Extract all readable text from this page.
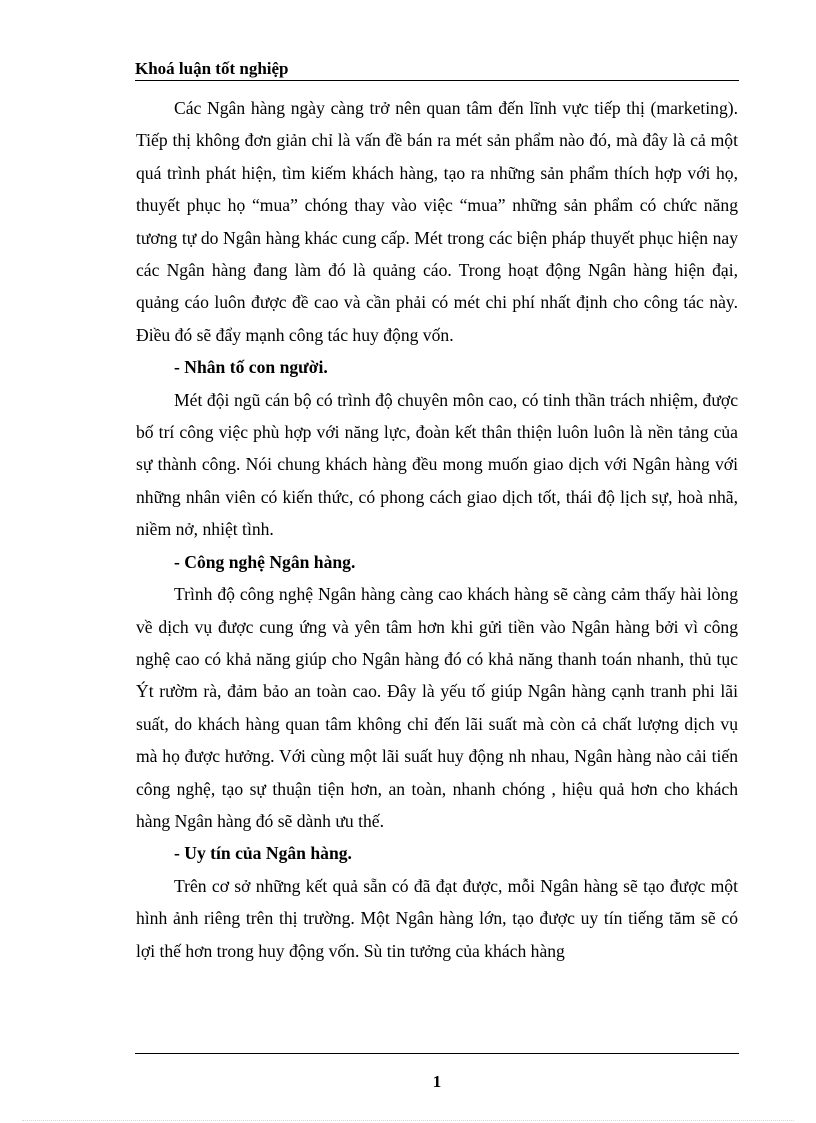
Khoá luận tốt nghiệp

Các Ngân hàng ngày càng trở nên quan tâm đến lĩnh vực tiếp thị (marketing). Tiếp thị không đơn giản chỉ là vấn đề bán ra mét sản phẩm nào đó, mà đây là cả một quá trình phát hiện, tìm kiếm khách hàng, tạo ra những sản phẩm thích hợp với họ, thuyết phục họ “mua” chóng thay vào việc “mua” những sản phẩm có chức năng tương tự do Ngân hàng khác cung cấp. Mét trong các biện pháp thuyết phục hiện nay các Ngân hàng đang làm đó là quảng cáo. Trong hoạt động Ngân hàng hiện đại, quảng cáo luôn được đề cao và cần phải có mét chi phí nhất định cho công tác này. Điều đó sẽ đẩy mạnh công tác huy động vốn.

- Nhân tố con người.

Mét đội ngũ cán bộ có trình độ chuyên môn cao, có tinh thần trách nhiệm, được bố trí công việc phù hợp với năng lực, đoàn kết thân thiện luôn luôn là nền tảng của sự thành công. Nói chung khách hàng đều mong muốn giao dịch với Ngân hàng với những nhân viên có kiến thức, có phong cách giao dịch tốt, thái độ lịch sự, hoà nhã, niềm nở, nhiệt tình.

- Công nghệ Ngân hàng.

Trình độ công nghệ Ngân hàng càng cao khách hàng sẽ càng cảm thấy hài lòng về dịch vụ được cung ứng và yên tâm hơn khi gửi tiền vào Ngân hàng bởi vì công nghệ cao có khả năng giúp cho Ngân hàng đó có khả năng thanh toán nhanh, thủ tục Ýt rườm rà, đảm bảo an toàn cao. Đây là yếu tố giúp Ngân hàng cạnh tranh phi lãi suất, do khách hàng quan tâm không chỉ đến lãi suất mà còn cả chất lượng dịch vụ mà họ được hưởng. Với cùng một lãi suất huy động nh nhau, Ngân hàng nào cải tiến công nghệ, tạo sự thuận tiện hơn, an toàn, nhanh chóng , hiệu quả hơn cho khách hàng Ngân hàng đó sẽ dành ưu thế.

- Uy tín của Ngân hàng.

Trên cơ sở những kết quả sẵn có đã đạt được, mỗi Ngân hàng sẽ tạo được một hình ảnh riêng trên thị trường. Một Ngân hàng lớn, tạo được uy tín tiếng tăm sẽ có lợi thế hơn trong huy động vốn. Sù tin tưởng của khách hàng

1
